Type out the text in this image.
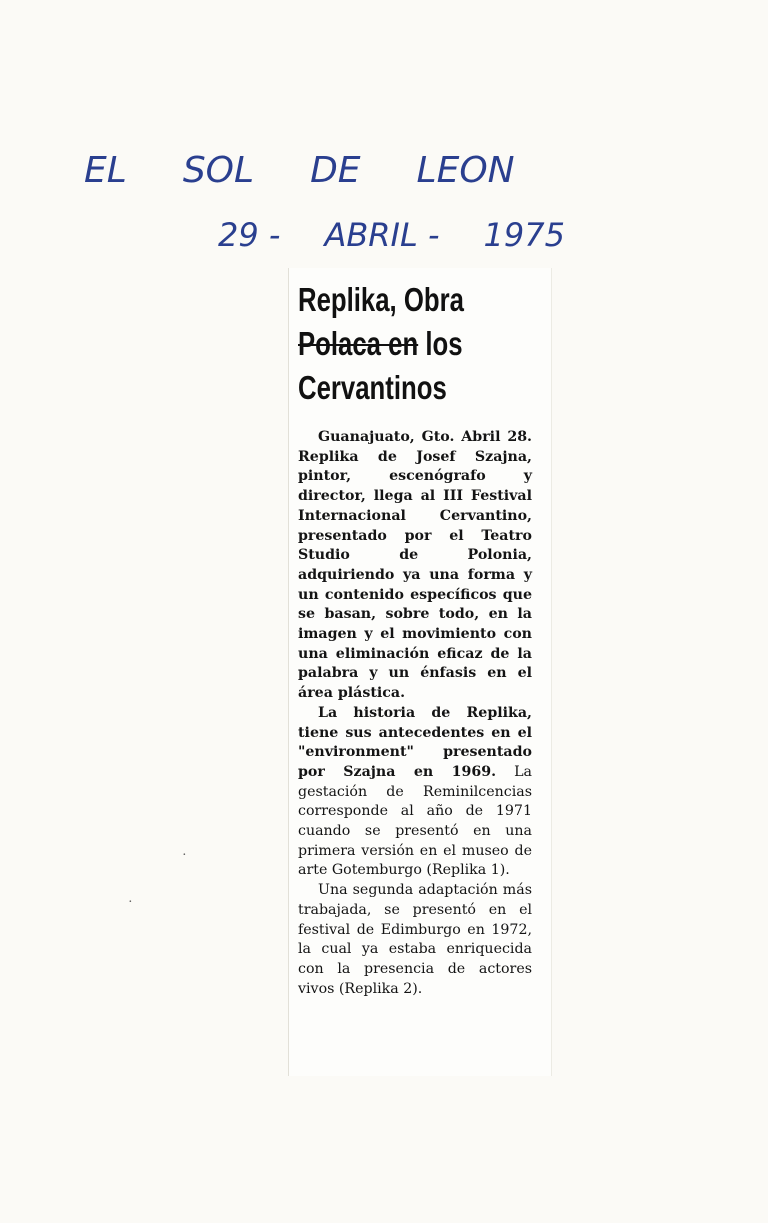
EL SOL DE LEON
29 - ABRIL - 1975
Replika, Obra
Polaca en los
Cervantinos

Guanajuato, Gto. Abril 28. Replika de Josef Szajna, pintor, escenógrafo y director, llega al III Festival Internacional Cervantino, presentado por el Teatro Studio de Polonia, adquiriendo ya una forma y un contenido específicos que se basan, sobre todo, en la imagen y el movimiento con una eliminación eficaz de la palabra y un énfasis en el área plástica.

La historia de Replika, tiene sus antecedentes en el "environment" presentado por Szajna en 1969. La gestación de Reminilcencias corresponde al año de 1971 cuando se presentó en una primera versión en el museo de arte Gotemburgo (Replika 1).

Una segunda adaptación más trabajada, se presentó en el festival de Edimburgo en 1972, la cual ya estaba enriquecida con la presencia de actores vivos (Replika 2).

·
·
